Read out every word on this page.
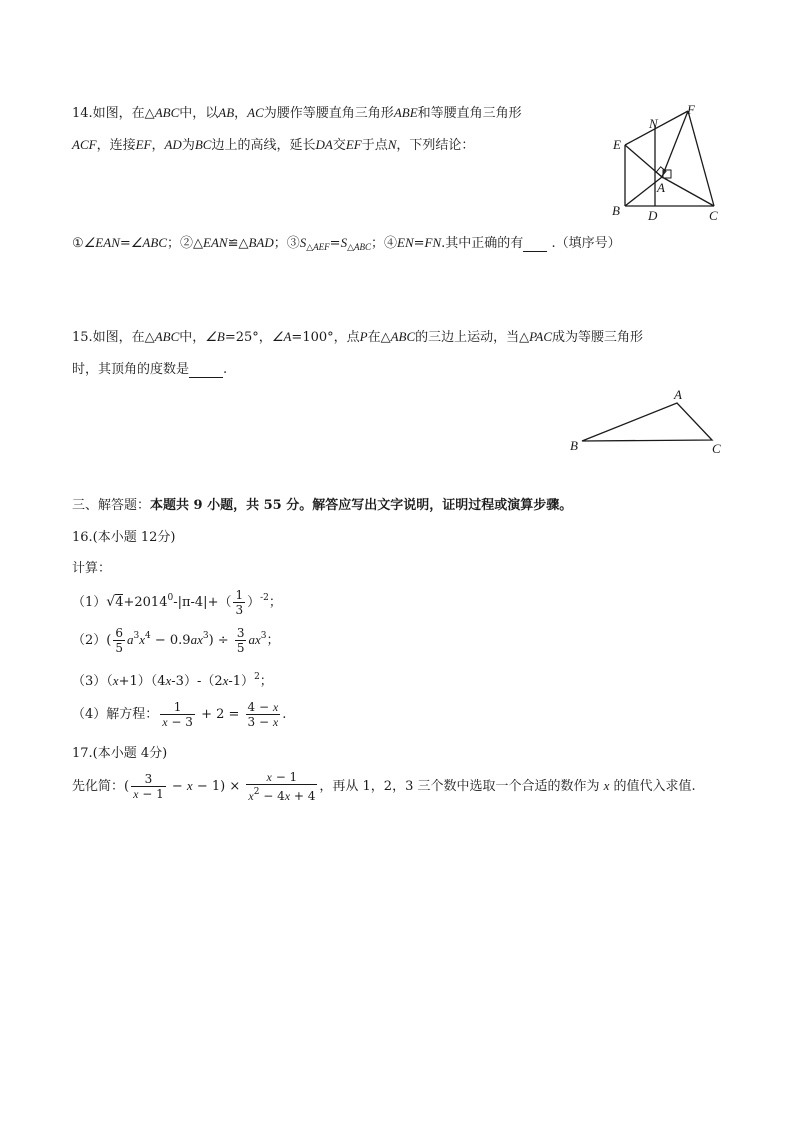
14.如图，在△ABC中，以AB，AC为腰作等腰直角三角形ABE和等腰直角三角形
ACF，连接EF，AD为BC边上的高线，延长DA交EF于点N，下列结论：
N
F
E
A
B D	C
①∠EAN=∠ABC；②△EAN≌△BAD；$③S_{\triangle AEF}=S_{\triangle ABC}$；④EN=FN.其中正确的有  .（填序号）
15.如图，在△ABC中，∠B=25°，∠A=100°，点P在△ABC的三边上运动，当△PAC成为等腰三角形
时，其顶角的度数是	.
A
B	C
三、解答题：本题共 9 小题，共 55 分。解答应写出文字说明，证明过程或演算步骤。
16.(本小题 12分)
计算：
$(1)√4+2014^0-|\pi-4|+( \frac{1}{3} )^{-2}$；
$(2)( \frac{6}{5} a^3x^4 - 0.9ax^3) \div \frac{3}{5} ax^3$；
$(3)(x+1)(4x-3)-(2x-1)^2$；
（4）解方程： $\frac{1}{x - 3} + 2 = \frac{4 - x}{3 - x}$ .
17.(本小题 4分)
先化简：( $\frac{3}{x - 1} - x - 1) \times \frac{x - 1}{x^2 - 4x + 4}$ ，再从 1，2，3 三个数中选取一个合适的数作为 x 的值代入求值.
